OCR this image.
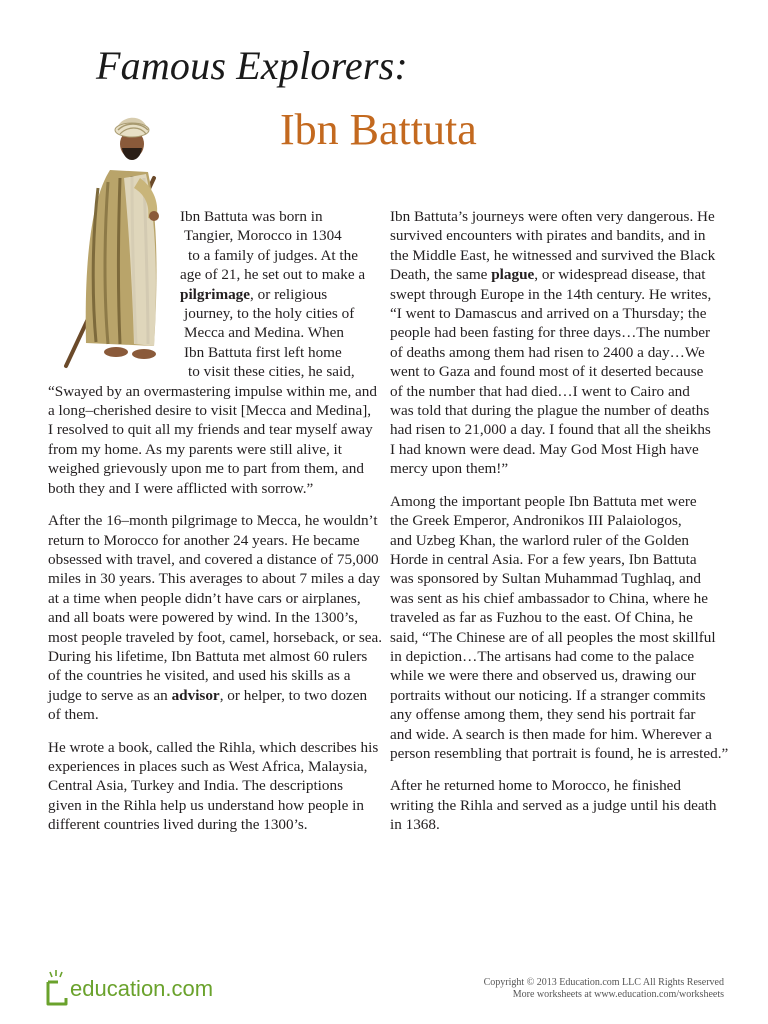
Famous Explorers:
Ibn Battuta

Ibn Battuta was born in
Tangier, Morocco in 1304
to a family of judges. At the
age of 21, he set out to make a
pilgrimage, or religious
journey, to the holy cities of
Mecca and Medina. When
Ibn Battuta first left home
to visit these cities, he said,
“Swayed by an overmastering impulse within me, and
a long–cherished desire to visit [Mecca and Medina],
I resolved to quit all my friends and tear myself away
from my home. As my parents were still alive, it
weighed grievously upon me to part from them, and
both they and I were afflicted with sorrow.”

After the 16–month pilgrimage to Mecca, he wouldn’t
return to Morocco for another 24 years. He became
obsessed with travel, and covered a distance of 75,000
miles in 30 years. This averages to about 7 miles a day
at a time when people didn’t have cars or airplanes,
and all boats were powered by wind. In the 1300’s,
most people traveled by foot, camel, horseback, or sea.
During his lifetime, Ibn Battuta met almost 60 rulers
of the countries he visited, and used his skills as a
judge to serve as an advisor, or helper, to two dozen
of them.

He wrote a book, called the Rihla, which describes his
experiences in places such as West Africa, Malaysia,
Central Asia, Turkey and India. The descriptions
given in the Rihla help us understand how people in
different countries lived during the 1300’s.

Ibn Battuta’s journeys were often very dangerous. He
survived encounters with pirates and bandits, and in
the Middle East, he witnessed and survived the Black
Death, the same plague, or widespread disease, that
swept through Europe in the 14th century. He writes,
“I went to Damascus and arrived on a Thursday; the
people had been fasting for three days…The number
of deaths among them had risen to 2400 a day…We
went to Gaza and found most of it deserted because
of the number that had died…I went to Cairo and
was told that during the plague the number of deaths
had risen to 21,000 a day. I found that all the sheikhs
I had known were dead. May God Most High have
mercy upon them!”

Among the important people Ibn Battuta met were
the Greek Emperor, Andronikos III Palaiologos,
and Uzbeg Khan, the warlord ruler of the Golden
Horde in central Asia. For a few years, Ibn Battuta
was sponsored by Sultan Muhammad Tughlaq, and
was sent as his chief ambassador to China, where he
traveled as far as Fuzhou to the east. Of China, he
said, “The Chinese are of all peoples the most skillful
in depiction…The artisans had come to the palace
while we were there and observed us, drawing our
portraits without our noticing. If a stranger commits
any offense among them, they send his portrait far
and wide. A search is then made for him. Wherever a
person resembling that portrait is found, he is arrested.”

After he returned home to Morocco, he finished
writing the Rihla and served as a judge until his death
in 1368.

education.com	Copyright © 2013 Education.com LLC All Rights Reserved
More worksheets at www.education.com/worksheets
